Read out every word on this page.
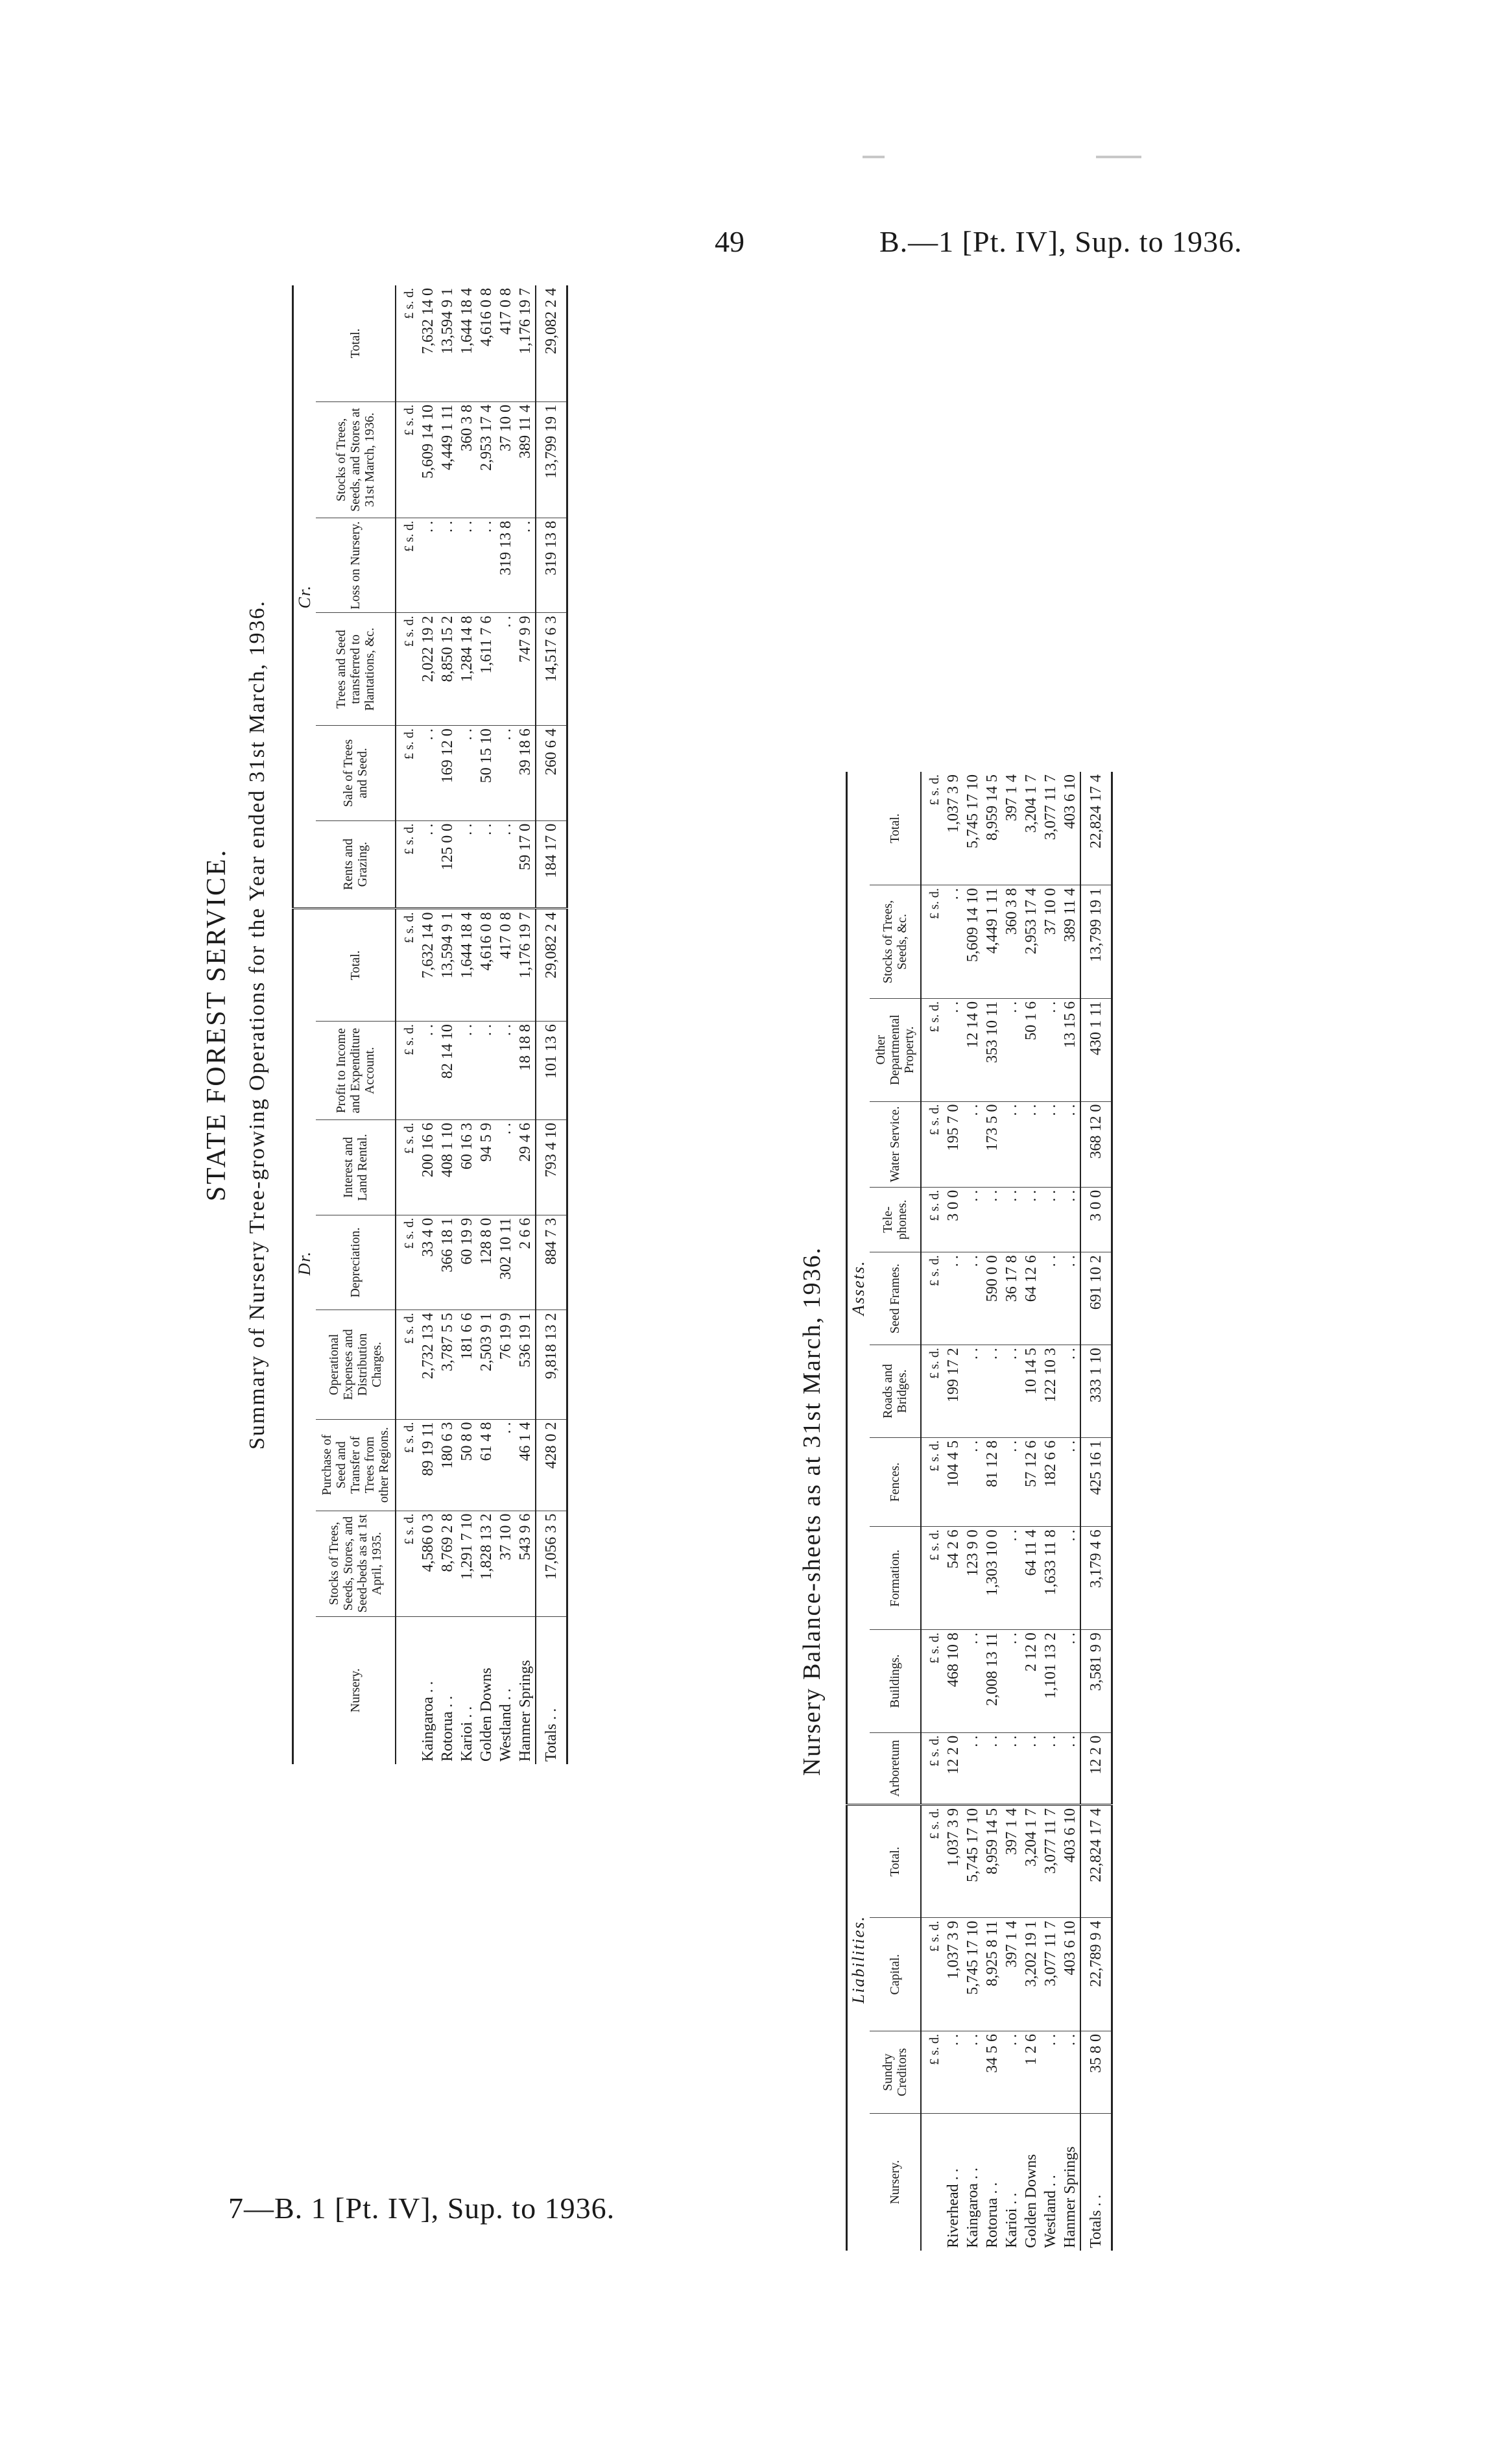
49	B.—1 [Pt. IV], Sup. to 1936.
STATE FOREST SERVICE. Summary of Nursery Tree-growing Operations for the Year ended 31st March, 1936.
	Dr.							Cr.					
Nursery.	Stocks of Trees, Seeds, Stores, and Seed-beds as at 1st April, 1935.	Purchase of Seed and Transfer of Trees from other Regions.	Operational Expenses and Distribution Charges.	Depreciation.	Interest and Land Rental.	Profit to Income and Expenditure Account.	Total.	Rents and Grazing.	Sale of Trees and Seed.	Trees and Seed transferred to Plantations, &c.	Loss on Nursery.	Stocks of Trees, Seeds, and Stores at 31st March, 1936.	Total.
	£ s. d.	£ s. d.	£ s. d.	£ s. d.	£ s. d.	£ s. d.	£ s. d.	£ s. d.	£ s. d.	£ s. d.	£ s. d.	£ s. d.	£ s. d.
Kaingaroa . .	4,586 0 3	89 19 11	2,732 13 4	33 4 0	200 16 6	. .	7,632 14 0	. .	. .	2,022 19 2	. .	5,609 14 10	7,632 14 0
Rotorua . .	8,769 2 8	180 6 3	3,787 5 5	366 18 1	408 1 10	82 14 10	13,594 9 1	125 0 0	169 12 0	8,850 15 2	. .	4,449 1 11	13,594 9 1
Karioi . .	1,291 7 10	50 8 0	181 6 6	60 19 9	60 16 3	. .	1,644 18 4	. .	. .	1,284 14 8	. .	360 3 8	1,644 18 4
Golden Downs	1,828 13 2	61 4 8	2,503 9 1	128 8 0	94 5 9	. .	4,616 0 8	. .	50 15 10	1,611 7 6	. .	2,953 17 4	4,616 0 8
Westland . .	37 10 0	. .	76 19 9	302 10 11	. .	. .	417 0 8	. .	. .	. .	319 13 8	37 10 0	417 0 8
Hanmer Springs	543 9 6	46 1 4	536 19 1	2 6 6	29 4 6	18 18 8	1,176 19 7	59 17 0	39 18 6	747 9 9	. .	389 11 4	1,176 19 7
Totals . .	17,056 3 5	428 0 2	9,818 13 2	884 7 3	793 4 10	101 13 6	29,082 2 4	184 17 0	260 6 4	14,517 6 3	319 13 8	13,799 19 1	29,082 2 4
Nursery Balance-sheets as at 31st March, 1936.
	Liabilities.			Assets.										
Nursery.	Sundry Creditors	Capital.	Total.	Arboretum	Buildings.	Formation.	Fences.	Roads and Bridges.	Seed Frames.	Tele-phones.	Water Service.	Other Departmental Property.	Stocks of Trees, Seeds, &c.	Total.
	£ s. d.	£ s. d.	£ s. d.	£ s. d.	£ s. d.	£ s. d.	£ s. d.	£ s. d.	£ s. d.	£ s. d.	£ s. d.	£ s. d.	£ s. d.	£ s. d.
Riverhead . .	. .	1,037 3 9	1,037 3 9	12 2 0	468 10 8	54 2 6	104 4 5	199 17 2	. .	3 0 0	195 7 0	. .	. .	1,037 3 9
Kaingaroa . .	. .	5,745 17 10	5,745 17 10	. .	. .	123 9 0	. .	. .	. .	. .	. .	12 14 0	5,609 14 10	5,745 17 10
Rotorua . .	34 5 6	8,925 8 11	8,959 14 5	. .	2,008 13 11	1,303 10 0	81 12 8	. .	590 0 0	. .	173 5 0	353 10 11	4,449 1 11	8,959 14 5
Karioi . .	. .	397 1 4	397 1 4	. .	. .	. .	. .	. .	36 17 8	. .	. .	. .	360 3 8	397 1 4
Golden Downs	1 2 6	3,202 19 1	3,204 1 7	. .	2 12 0	64 11 4	57 12 6	10 14 5	64 12 6	. .	. .	50 1 6	2,953 17 4	3,204 1 7
Westland . .	. .	3,077 11 7	3,077 11 7	. .	1,101 13 2	1,633 11 8	182 6 6	122 10 3	. .	. .	. .	. .	37 10 0	3,077 11 7
Hanmer Springs	. .	403 6 10	403 6 10	. .	. .	. .	. .	. .	. .	. .	. .	13 15 6	389 11 4	403 6 10
Totals . .	35 8 0	22,789 9 4	22,824 17 4	12 2 0	3,581 9 9	3,179 4 6	425 16 1	333 1 10	691 10 2	3 0 0	368 12 0	430 1 11	13,799 19 1	22,824 17 4
7—B. 1 [Pt. IV], Sup. to 1936.
